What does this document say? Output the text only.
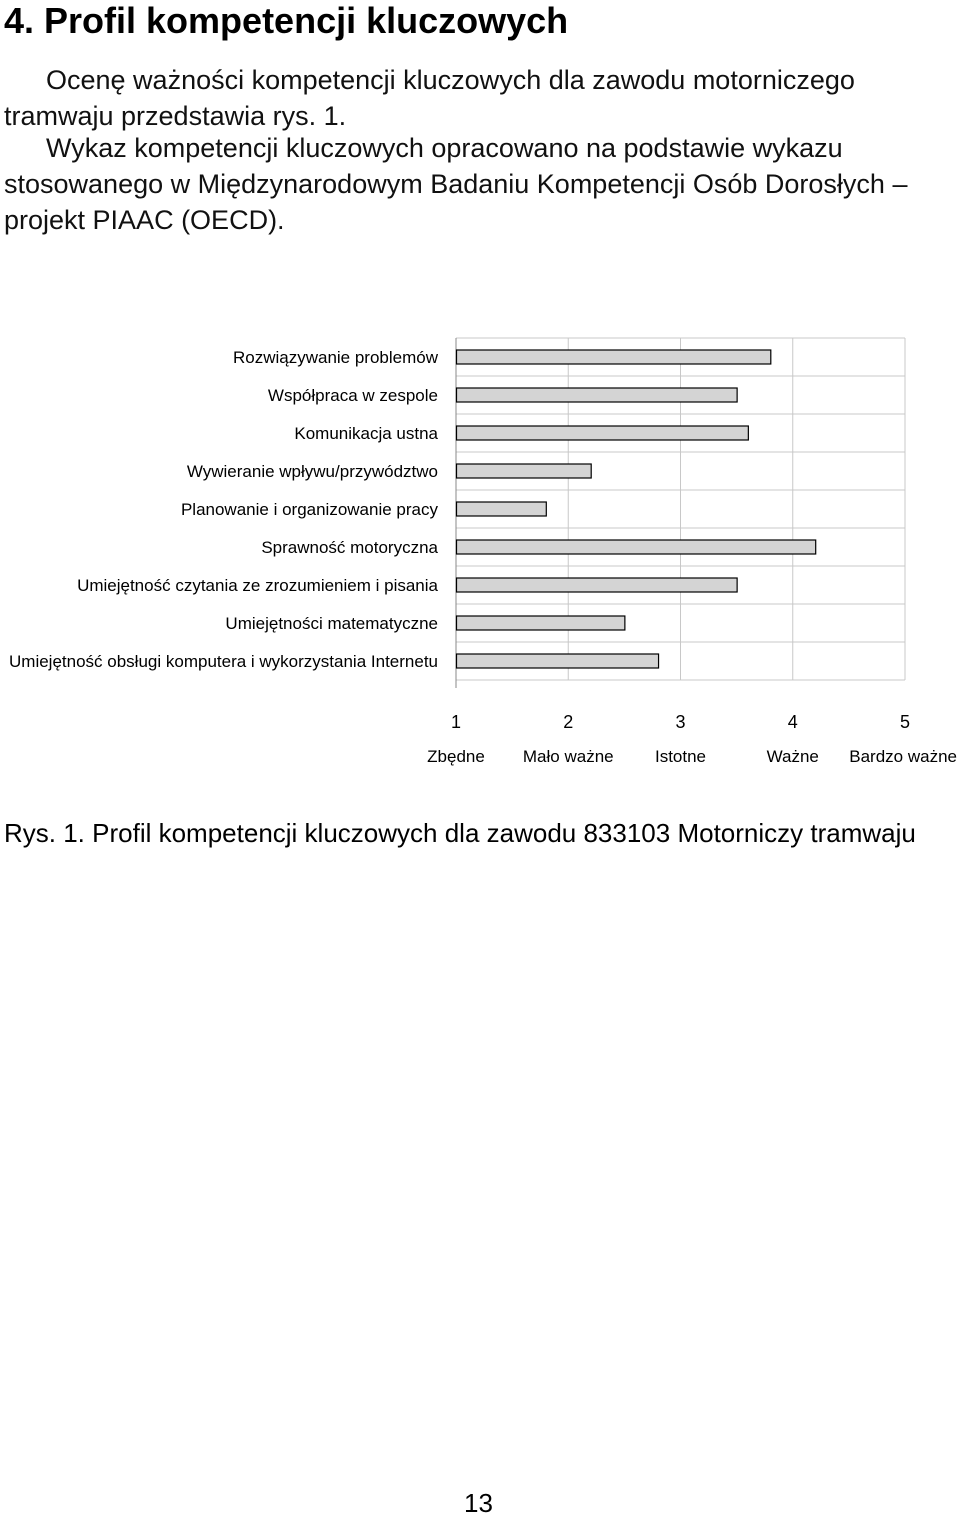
4. Profil kompetencji kluczowych

Ocenę ważności kompetencji kluczowych dla zawodu motorniczego tramwaju przedstawia rys. 1.

Wykaz kompetencji kluczowych opracowano na podstawie wykazu stosowanego w Międzynarodowym Badaniu Kompetencji Osób Dorosłych – projekt PIAAC (OECD).

Rozwiązywanie problemów
Współpraca w zespole
Komunikacja ustna
Wywieranie wpływu/przywództwo
Planowanie i organizowanie pracy
Sprawność motoryczna
Umiejętność czytania ze zrozumieniem i pisania
Umiejętności matematyczne
Umiejętność obsługi komputera i wykorzystania Internetu
1
Zbędne
2
Mało ważne
3
Istotne
4
Ważne
5
Bardzo ważne

Rys. 1. Profil kompetencji kluczowych dla zawodu 833103 Motorniczy tramwaju

13
